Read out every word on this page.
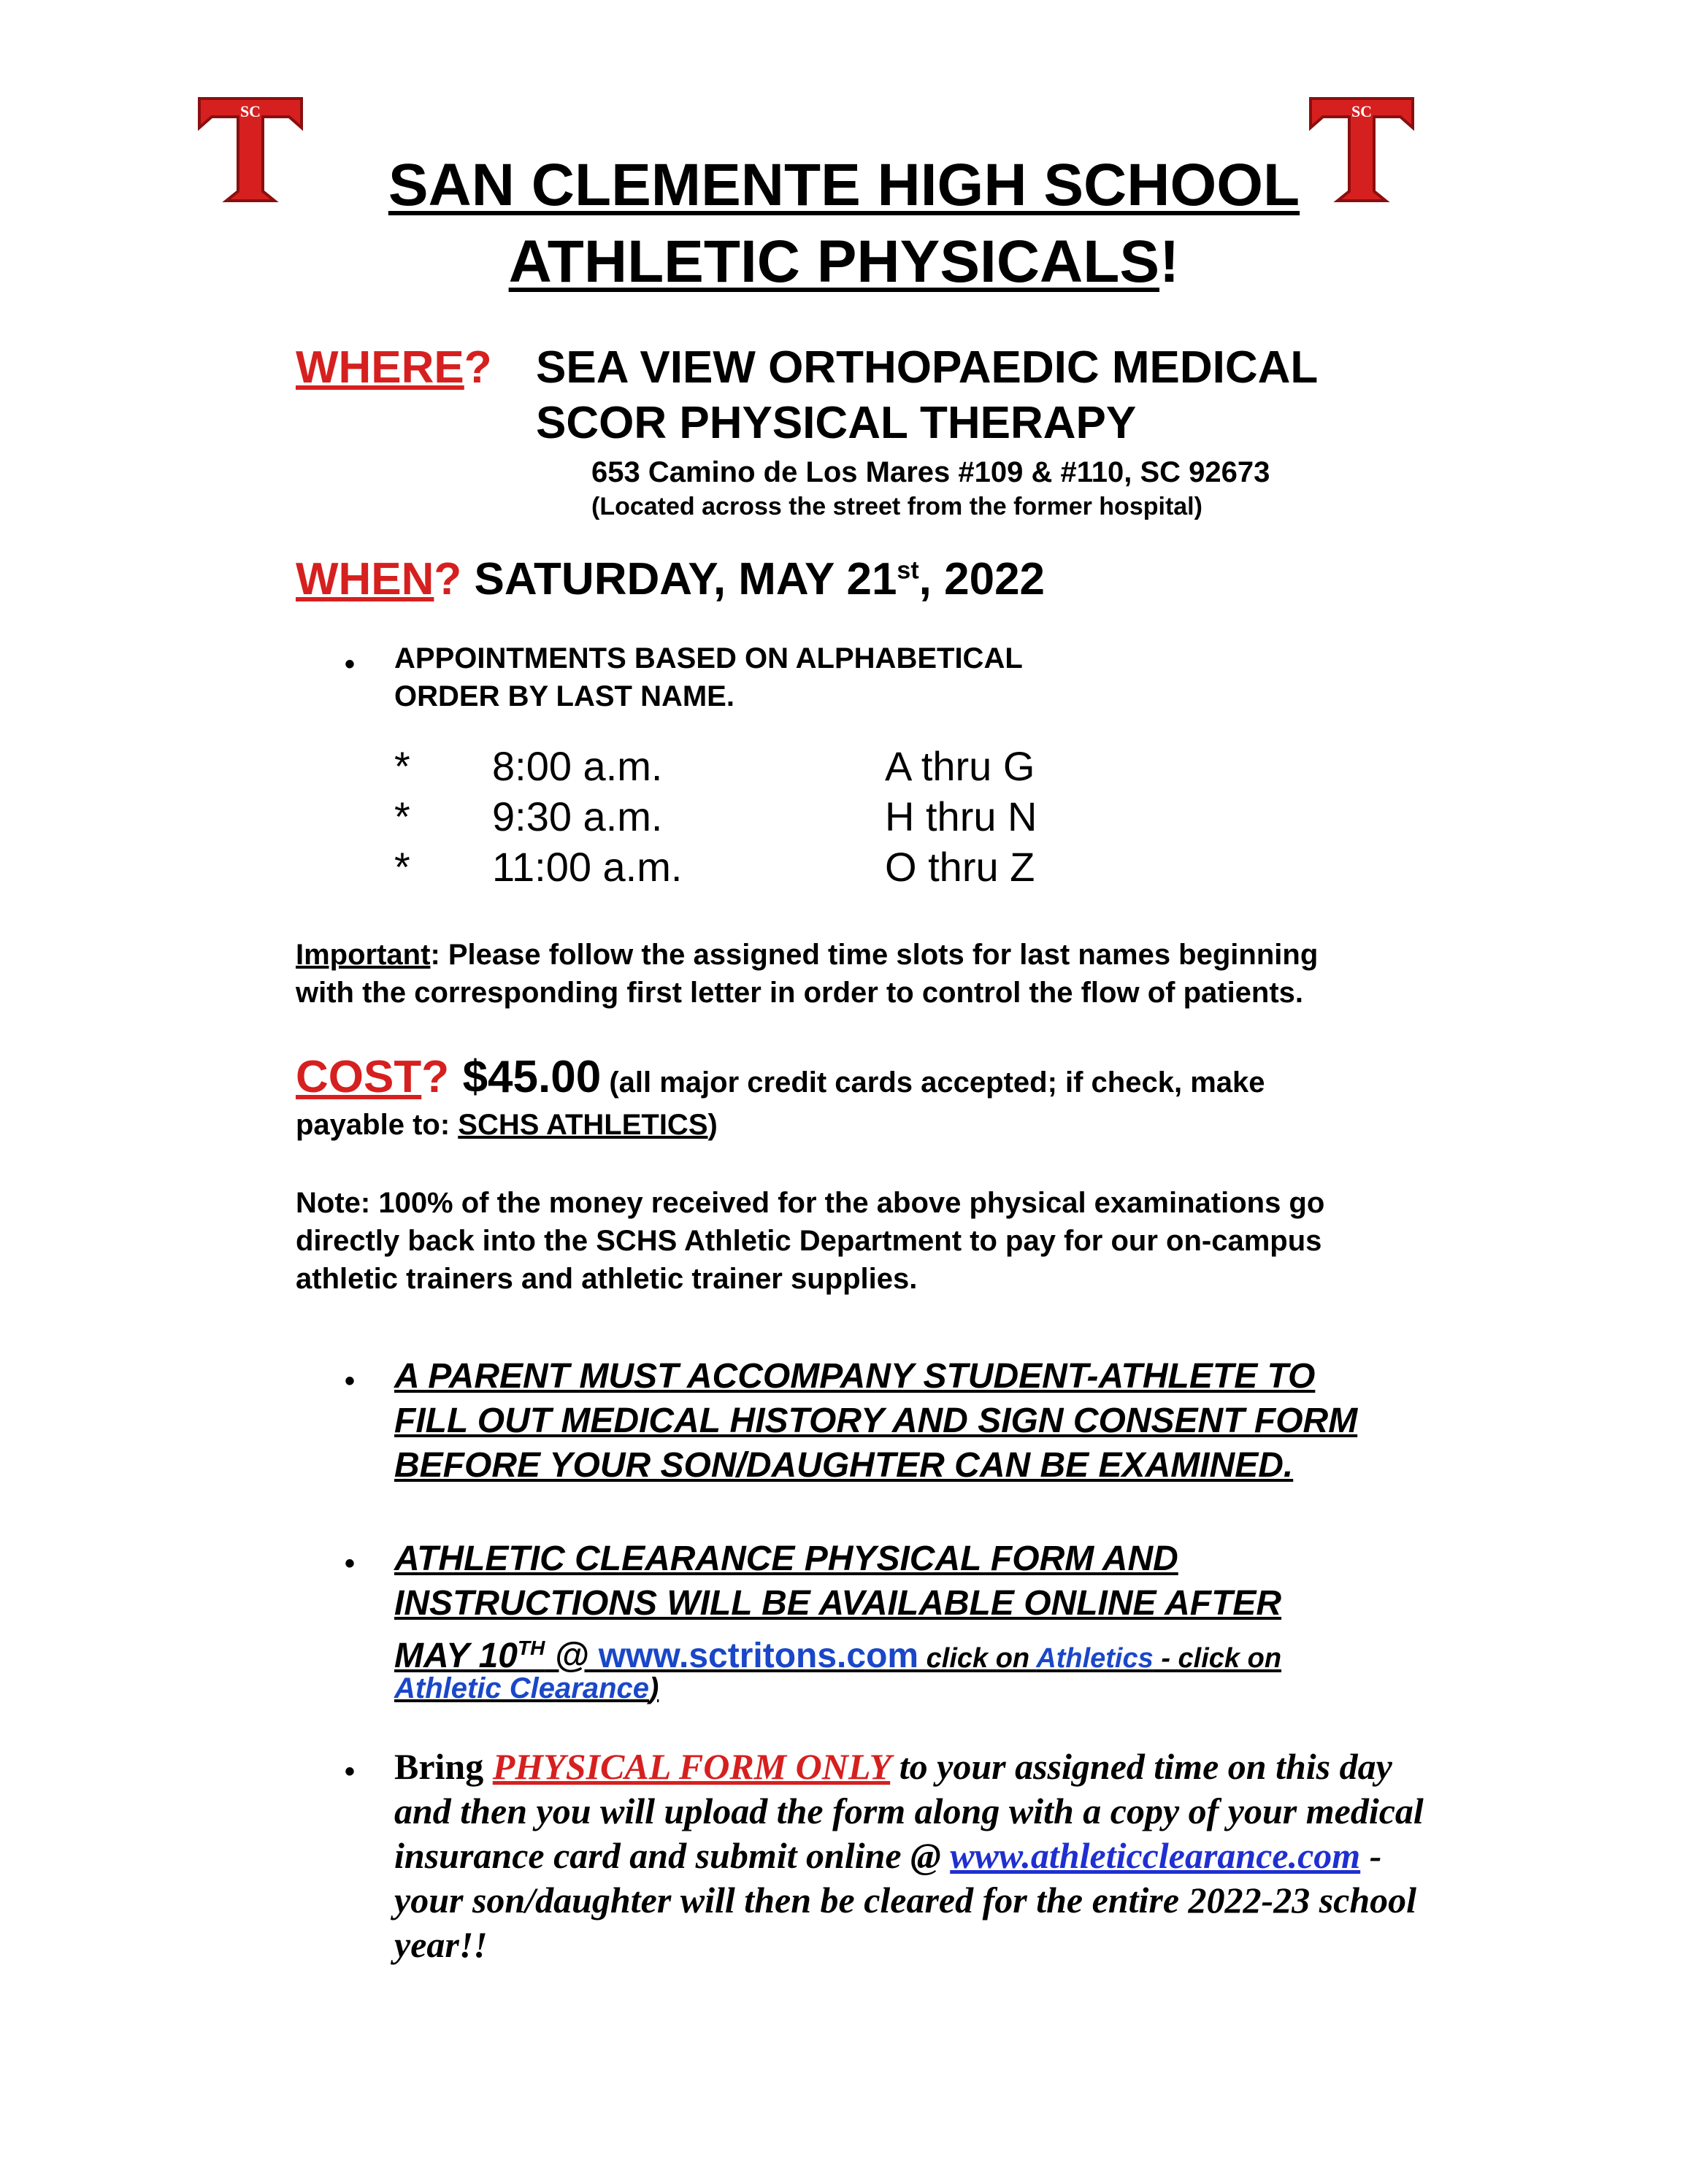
SC	SC
SAN CLEMENTE HIGH SCHOOL
ATHLETIC PHYSICALS!
WHERE? SEA VIEW ORTHOPAEDIC MEDICAL
SCOR PHYSICAL THERAPY
653 Camino de Los Mares #109 & #110, SC 92673
(Located across the street from the former hospital)
WHEN? SATURDAY, MAY 21st, 2022
• APPOINTMENTS BASED ON ALPHABETICAL
ORDER BY LAST NAME.
* 8:00 a.m.	A thru G
* 9:30 a.m.	H thru N
* 11:00 a.m.	O thru Z
Important: Please follow the assigned time slots for last names beginning
with the corresponding first letter in order to control the flow of patients.
COST? $45.00 (all major credit cards accepted; if check, make
payable to: SCHS ATHLETICS)
Note: 100% of the money received for the above physical examinations go
directly back into the SCHS Athletic Department to pay for our on-campus
athletic trainers and athletic trainer supplies.
• A PARENT MUST ACCOMPANY STUDENT-ATHLETE TO
FILL OUT MEDICAL HISTORY AND SIGN CONSENT FORM
BEFORE YOUR SON/DAUGHTER CAN BE EXAMINED.
• ATHLETIC CLEARANCE PHYSICAL FORM AND
INSTRUCTIONS WILL BE AVAILABLE ONLINE AFTER
MAY 10TH @ www.sctritons.com click on Athletics - click on
Athletic Clearance)
• Bring PHYSICAL FORM ONLY to your assigned time on this day
and then you will upload the form along with a copy of your medical
insurance card and submit online @ www.athleticclearance.com -
your son/daughter will then be cleared for the entire 2022-23 school
year!!
